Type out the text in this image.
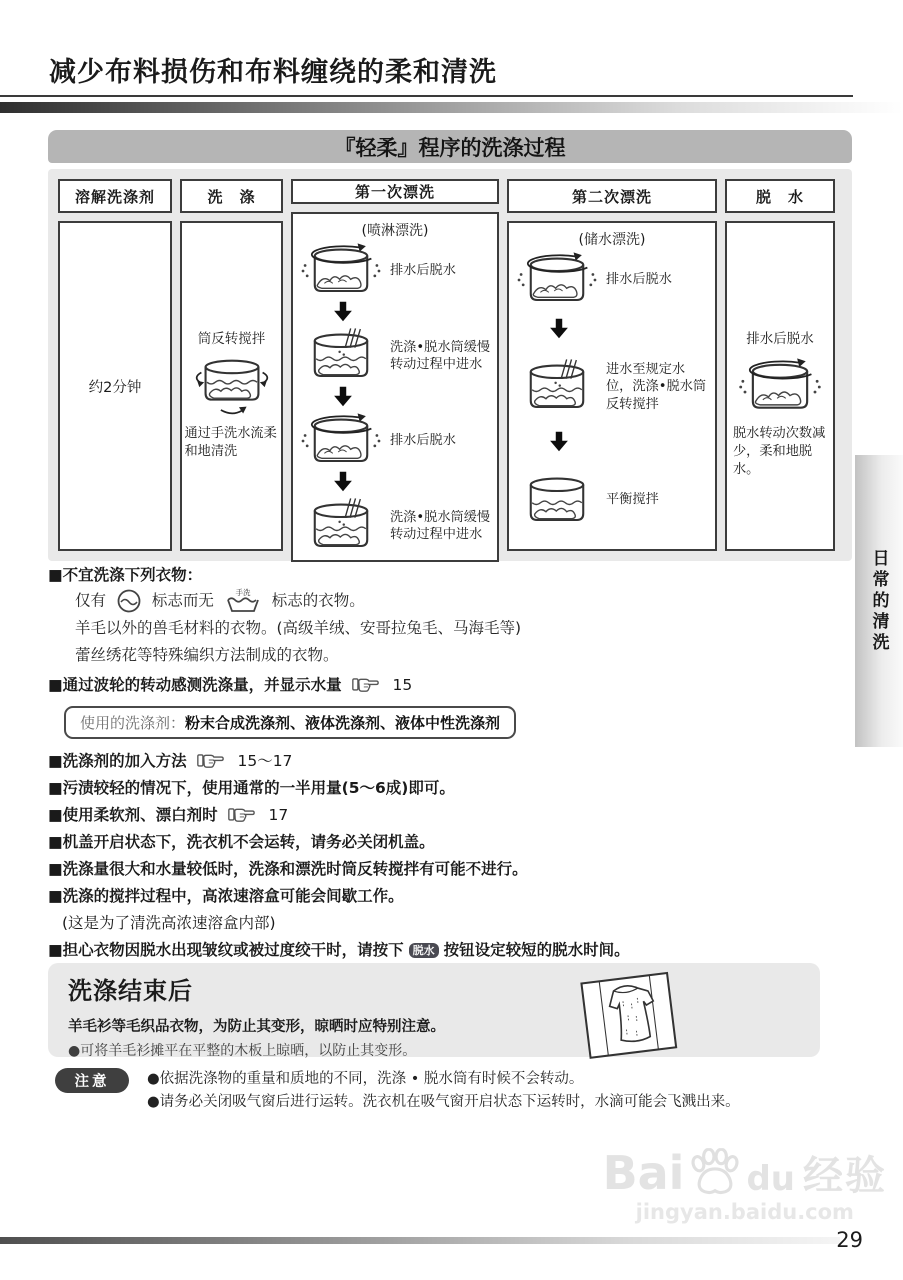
减少布料损伤和布料缠绕的柔和清洗
『轻柔』程序的洗涤过程
溶解洗涤剂
约2分钟
洗　涤
筒反转搅拌
通过手洗水流柔和地清洗
第一次漂洗
(喷淋漂洗)
排水后脱水
洗涤•脱水筒缓慢转动过程中进水
排水后脱水
洗涤•脱水筒缓慢转动过程中进水
第二次漂洗
(储水漂洗)
排水后脱水
进水至规定水位，洗涤•脱水筒反转搅拌
平衡搅拌
脱　水
排水后脱水
脱水转动次数减少，柔和地脱水。
■不宜洗涤下列衣物：
仅有	标志而无	手洗 标志的衣物。
羊毛以外的兽毛材料的衣物。(高级羊绒、安哥拉兔毛、马海毛等)
蕾丝绣花等特殊编织方法制成的衣物。
■通过波轮的转动感测洗涤量，并显示水量	15
使用的洗涤剂：粉末合成洗涤剂、液体洗涤剂、液体中性洗涤剂
■洗涤剂的加入方法	15～17
■污渍较轻的情况下，使用通常的一半用量(5～6成)即可。
■使用柔软剂、漂白剂时	17
■机盖开启状态下，洗衣机不会运转，请务必关闭机盖。
■洗涤量很大和水量较低时，洗涤和漂洗时筒反转搅拌有可能不进行。
■洗涤的搅拌过程中，高浓速溶盒可能会间歇工作。
(这是为了清洗高浓速溶盒内部)
■担心衣物因脱水出现皱纹或被过度绞干时，请按下 脱水 按钮设定较短的脱水时间。
洗涤结束后
羊毛衫等毛织品衣物，为防止其变形，晾晒时应特别注意。
●可将羊毛衫摊平在平整的木板上晾晒，以防止其变形。
注意	●依据洗涤物的重量和质地的不同，洗涤 • 脱水筒有时候不会转动。
●请务必关闭吸气窗后进行运转。洗衣机在吸气窗开启状态下运转时，水滴可能会飞溅出来。
日常的清洗
Bai du 经验
jingyan.baidu.com
29
